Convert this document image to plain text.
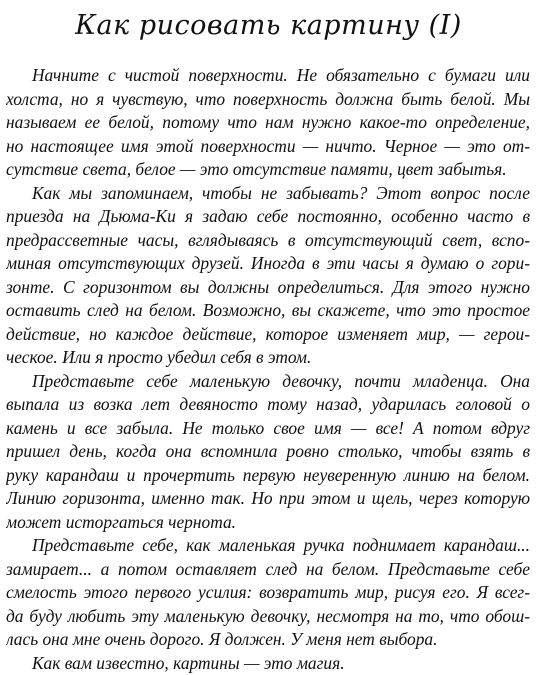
Как рисовать картину (I)
Начните с чистой поверхности. Не обязательно с бумаги или
холста, но я чувствую, что поверхность должна быть белой. Мы
называем ее белой, потому что нам нужно какое-то определение,
но настоящее имя этой поверхности — ничто. Черное — это от-
сутствие света, белое — это отсутствие памяти, цвет забытья.
Как мы запоминаем, чтобы не забывать? Этот вопрос после
приезда на Дьюма-Ки я задаю себе постоянно, особенно часто в
предрассветные часы, вглядываясь в отсутствующий свет, вспо-
миная отсутствующих друзей. Иногда в эти часы я думаю о гори-
зонте. С горизонтом вы должны определиться. Для этого нужно
оставить след на белом. Возможно, вы скажете, что это простое
действие, но каждое действие, которое изменяет мир, — герои-
ческое. Или я просто убедил себя в этом.
Представьте себе маленькую девочку, почти младенца. Она
выпала из возка лет девяносто тому назад, ударилась головой о
камень и все забыла. Не только свое имя — все! А потом вдруг
пришел день, когда она вспомнила ровно столько, чтобы взять в
руку карандаш и прочертить первую неуверенную линию на белом.
Линию горизонта, именно так. Но при этом и щель, через которую
может исторгаться чернота.
Представьте себе, как маленькая ручка поднимает карандаш...
замирает... а потом оставляет след на белом. Представьте себе
смелость этого первого усилия: возвратить мир, рисуя его. Я всег-
да буду любить эту маленькую девочку, несмотря на то, что обош-
лась она мне очень дорого. Я должен. У меня нет выбора.
Как вам известно, картины — это магия.
